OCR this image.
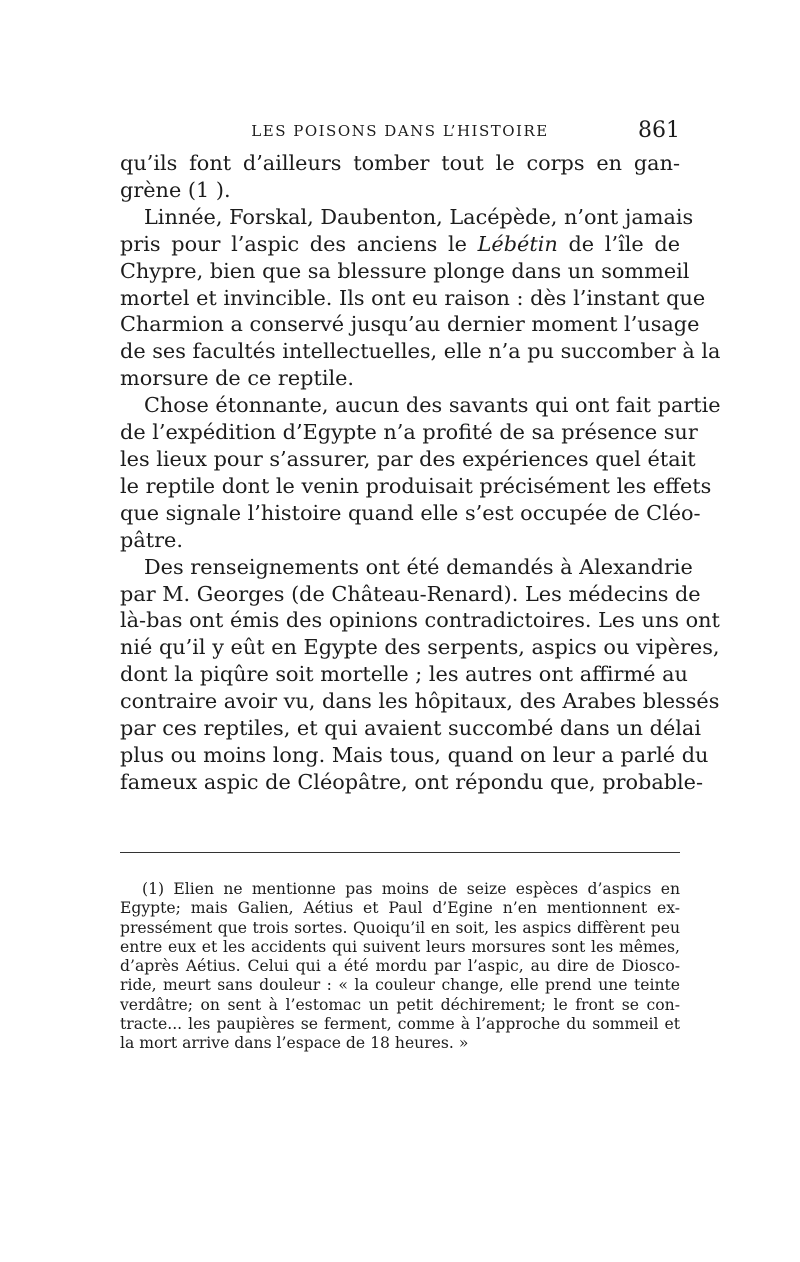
LES POISONS DANS L’HISTOIRE	861
qu’ils font d’ailleurs tomber tout le corps en gan-
grène (1 ).
Linnée, Forskal, Daubenton, Lacépède, n’ont jamais
pris pour l’aspic des anciens le Lébétin de l’île de
Chypre, bien que sa blessure plonge dans un sommeil
mortel et invincible. Ils ont eu raison : dès l’instant que
Charmion a conservé jusqu’au dernier moment l’usage
de ses facultés intellectuelles, elle n’a pu succomber à la
morsure de ce reptile.
Chose étonnante, aucun des savants qui ont fait partie
de l’expédition d’Egypte n’a profité de sa présence sur
les lieux pour s’assurer, par des expériences quel était
le reptile dont le venin produisait précisément les effets
que signale l’histoire quand elle s’est occupée de Cléo-
pâtre.
Des renseignements ont été demandés à Alexandrie
par M. Georges (de Château-Renard). Les médecins de
là-bas ont émis des opinions contradictoires. Les uns ont
nié qu’il y eût en Egypte des serpents, aspics ou vipères,
dont la piqûre soit mortelle ; les autres ont affirmé au
contraire avoir vu, dans les hôpitaux, des Arabes blessés
par ces reptiles, et qui avaient succombé dans un délai
plus ou moins long. Mais tous, quand on leur a parlé du
fameux aspic de Cléopâtre, ont répondu que, probable-
(1) Elien ne mentionne pas moins de seize espèces d’aspics en
Egypte; mais Galien, Aétius et Paul d’Egine n’en mentionnent ex-
pressément que trois sortes. Quoiqu’il en soit, les aspics diffèrent peu
entre eux et les accidents qui suivent leurs morsures sont les mêmes,
d’après Aétius. Celui qui a été mordu par l’aspic, au dire de Diosco-
ride, meurt sans douleur : « la couleur change, elle prend une teinte
verdâtre; on sent à l’estomac un petit déchirement; le front se con-
tracte... les paupières se ferment, comme à l’approche du sommeil et
la mort arrive dans l’espace de 18 heures. »
